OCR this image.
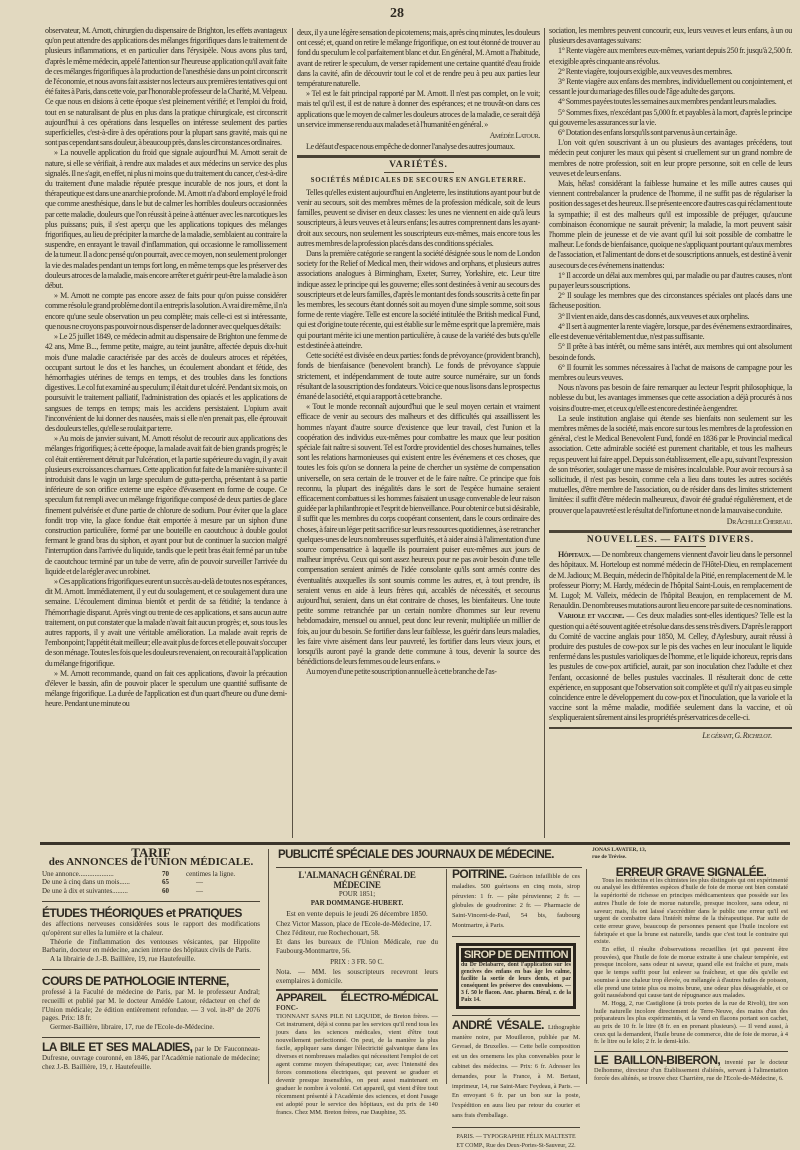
28

observateur, M. Arnott, chirurgien du dispensaire de Brighton, les effets avantageux qu'on peut attendre des applications des mélanges frigorifiques dans le traitement de plusieurs inflammations, et en particulier dans l'érysipèle. Nous avons plus tard, d'après le même médecin, appelé l'attention sur l'heureuse application qu'il avait faite de ces mélanges frigorifiques à la production de l'anesthésie dans un point circonscrit de l'économie, et nous avons fait assister nos lecteurs aux premières tentatives qui ont été faites à Paris, dans cette voie, par l'honorable professeur de la Charité, M. Velpeau. Ce que nous en disions à cette époque s'est pleinement vérifié; et l'emploi du froid, tout en se naturalisant de plus en plus dans la pratique chirurgicale, est circonscrit aujourd'hui à ces opérations dans lesquelles on intéresse seulement des parties superficielles, c'est-à-dire à des opérations pour la plupart sans gravité, mais qui ne sont pas cependant sans douleur, à beaucoup près, dans les circonstances ordinaires.

» La nouvelle application du froid que signale aujourd'hui M. Arnott serait de nature, si elle se vérifiait, à rendre aux malades et aux médecins un service des plus signalés. Il ne s'agit, en effet, ni plus ni moins que du traitement du cancer, c'est-à-dire du traitement d'une maladie réputée presque incurable de nos jours, et dont la thérapeutique est dans une anarchie profonde. M. Arnott n'a d'abord employé le froid que comme anesthésique, dans le but de calmer les horribles douleurs occasionnées par cette maladie, douleurs que l'on réussit à peine à atténuer avec les narcotiques les plus puissans; puis, il s'est aperçu que les applications topiques des mélanges frigorifiques, au lieu de précipiter la marche de la maladie, semblaient au contraire la suspendre, en enrayant le travail d'inflammation, qui occasionne le ramollissement de la tumeur. Il a donc pensé qu'on pourrait, avec ce moyen, non seulement prolonger la vie des malades pendant un temps fort long, en même temps que les préserver des douleurs atroces de la maladie, mais encore arrêter et guérir peut-être la maladie à son début.

» M. Arnott ne compte pas encore assez de faits pour qu'on puisse considérer comme résolu le grand problème dont il a entrepris la solution. A vrai dire même, il n'a encore qu'une seule observation un peu complète; mais celle-ci est si intéressante, que nous ne croyons pas pouvoir nous dispenser de la donner avec quelques détails:

» Le 25 juillet 1849, ce médecin admit au dispensaire de Brighton une femme de 42 ans, Mme B..., femme petite, maigre, au teint jaunâtre, affectée depuis dix-huit mois d'une maladie caractérisée par des accès de douleurs atroces et répétées, occupant surtout le dos et les hanches, un écoulement abondant et fétide, des hémorrhagies utérines de temps en temps, et des troubles dans les fonctions digestives. Le col fut examiné au speculum; il était dur et ulcéré. Pendant six mois, on poursuivit le traitement palliatif, l'administration des opiacés et les applications de sangsues de temps en temps; mais les accidens persistaient. L'opium avait l'inconvénient de lui donner des nausées, mais si elle n'en prenait pas, elle éprouvait des douleurs telles, qu'elle se roulait par terre.

» Au mois de janvier suivant, M. Arnott résolut de recourir aux applications des mélanges frigorifiques; à cette époque, la malade avait fait de bien grands progrès; le col était entièrement détruit par l'ulcération, et la partie supérieure du vagin, il y avait plusieurs excroissances charnues. Cette application fut faite de la manière suivante: il introduisit dans le vagin un large speculum de gutta-percha, présentant à sa partie inférieure de son orifice externe une espèce d'évasement en forme de coupe. Ce speculum fut rempli avec un mélange frigorifique composé de deux parties de glace finement pulvérisée et d'une partie de chlorure de sodium. Pour éviter que la glace fondit trop vite, la glace fondue était emportée à mesure par un siphon d'une construction particulière, formé par une bouteille en caoutchouc à double goulot fermant le grand bras du siphon, et ayant pour but de continuer la succion malgré l'interruption dans l'arrivée du liquide, tandis que le petit bras était fermé par un tube de caoutchouc terminé par un tube de verre, afin de pouvoir surveiller l'arrivée du liquide et de la régler avec un robinet.

» Ces applications frigorifiques eurent un succès au-delà de toutes nos espérances, dit M. Arnott. Immédiatement, il y eut du soulagement, et ce soulagement dura une semaine. L'écoulement diminua bientôt et perdit de sa fétidité; la tendance à l'hémorrhagie disparut. Après vingt ou trente de ces applications, et sans aucun autre traitement, on put constater que la malade n'avait fait aucun progrès; et, sous tous les autres rapports, il y avait une véritable amélioration. La malade avait repris de l'embonpoint; l'appétit était meilleur; elle avait plus de forces et elle pouvait s'occuper de son ménage. Toutes les fois que les douleurs revenaient, on recourait à l'application du mélange frigorifique.

» M. Arnott recommande, quand on fait ces applications, d'avoir la précaution d'élever le bassin, afin de pouvoir placer le speculum une quantité suffisante de mélange frigorifique. La durée de l'application est d'un quart d'heure ou d'une demi-heure. Pendant une minute ou

deux, il y a une légère sensation de picotemens; mais, après cinq minutes, les douleurs ont cessé; et, quand on retire le mélange frigorifique, on est tout étonné de trouver au fond du speculum le col parfaitement blanc et dur. En général, M. Arnott a l'habitude, avant de retirer le speculum, de verser rapidement une certaine quantité d'eau froide dans la cavité, afin de découvrir tout le col et de rendre peu à peu aux parties leur température naturelle.

» Tel est le fait principal rapporté par M. Arnott. Il n'est pas complet, on le voit; mais tel qu'il est, il est de nature à donner des espérances; et ne trouvât-on dans ces applications que le moyen de calmer les douleurs atroces de la maladie, ce serait déjà un service immense rendu aux malades et à l'humanité en général. »

Amédée Latour.

Le défaut d'espace nous empêche de donner l'analyse des autres journaux.

VARIÉTÉS.
SOCIÉTÉS MÉDICALES DE SECOURS EN ANGLETERRE.

Telles qu'elles existent aujourd'hui en Angleterre, les institutions ayant pour but de venir au secours, soit des membres mêmes de la profession médicale, soit de leurs familles, peuvent se diviser en deux classes: les unes ne viennent en aide qu'à leurs souscripteurs, à leurs veuves et à leurs enfans; les autres comprennent dans les ayant-droit aux secours, non seulement les souscripteurs eux-mêmes, mais encore tous les autres membres de la profession placés dans des conditions spéciales.

Dans la première catégorie se rangent la société désignée sous le nom de London society for the Relief of Medical men, their widows and orphans, et plusieurs autres associations analogues à Birmingham, Exeter, Surrey, Yorkshire, etc. Leur titre indique assez le principe qui les gouverne; elles sont destinées à venir au secours des souscripteurs et de leurs familles, d'après le montant des fonds souscrits à cette fin par les membres, les secours étant donnés soit au moyen d'une simple somme, soit sous forme de rente viagère. Telle est encore la société intitulée the British medical Fund, qui est d'origine toute récente, qui est établie sur le même esprit que la première, mais qui pourtant mérite ici une mention particulière, à cause de la variété des buts qu'elle est destinée à atteindre.

Cette société est divisée en deux parties: fonds de prévoyance (provident branch), fonds de bienfaisance (benevolent branch). Le fonds de prévoyance s'appuie strictement, et indépendamment de toute autre source numéraire, sur un fonds résultant de la souscription des fondateurs. Voici ce que nous lisons dans le prospectus émané de la société, et qui a rapport à cette branche.

« Tout le monde reconnaît aujourd'hui que le seul moyen certain et vraiment efficace de venir au secours des malheurs et des difficultés qui assaillissent les hommes n'ayant d'autre source d'existence que leur travail, c'est l'union et la coopération des individus eux-mêmes pour combattre les maux que leur position spéciale fait naître si souvent. Tel est l'ordre providentiel des choses humaines, telles sont les relations harmonieuses qui existent entre les événemens et ces choses, que toutes les fois qu'on se donnera la peine de chercher un système de compensation universelle, on sera certain de le trouver et de le faire naître. Ce principe que fois reconnu, la plupart des inégalités dans le sort de l'espèce humaine seraient efficacement combattues si les hommes faisaient un usage convenable de leur raison guidée par la philanthropie et l'esprit de bienveillance. Pour obtenir ce but si désirable, il suffit que les membres du corps coopérant consentent, dans le cours ordinaire des choses, à faire un léger petit sacrifice sur leurs ressources quotidiennes, à se retrancher quelques-unes de leurs nombreuses superfluités, et à aider ainsi à l'alimentation d'une source compensatrice à laquelle ils pourraient puiser eux-mêmes aux jours de malheur imprévu. Ceux qui sont assez heureux pour ne pas avoir besoin d'une telle compensation seraient animés de l'idée consolante qu'ils sont armés contre des éventualités auxquelles ils sont soumis comme les autres, et, à tout prendre, ils seraient venus en aide à leurs frères qui, accablés de nécessités, et secourus aujourd'hui, seraient, dans un état contraire de choses, les bienfaiteurs. Une toute petite somme retranchée par un certain nombre d'hommes sur leur revenu hebdomadaire, mensuel ou annuel, peut donc leur revenir, multipliée un millier de fois, au jour du besoin. Se fortifier dans leur faiblesse, les guérir dans leurs maladies, les faire vivre aisément dans leur pauvreté, les fortifier dans leurs vieux jours, et lorsqu'ils auront payé la grande dette commune à tous, devenir la source des bénédictions de leurs femmes ou de leurs enfans. »

Au moyen d'une petite souscription annuelle à cette branche de l'as-

sociation, les membres peuvent concourir, eux, leurs veuves et leurs enfans, à un ou plusieurs des avantages suivans:

1° Rente viagère aux membres eux-mêmes, variant depuis 250 fr. jusqu'à 2,500 fr. et exigible après cinquante ans révolus.

2° Rente viagère, toujours exigible, aux veuves des membres.

3° Rente viagère aux enfans des membres, individuellement ou conjointement, et cessant le jour du mariage des filles ou de l'âge adulte des garçons.

4° Sommes payées toutes les semaines aux membres pendant leurs maladies.

5° Sommes fixes, n'excédant pas 5,000 fr. et payables à la mort, d'après le principe qui gouverne les assurances sur la vie.

6° Dotation des enfans lorsqu'ils sont parvenus à un certain âge.

L'on voit qu'en souscrivant à un ou plusieurs des avantages précédens, tout médecin peut conjurer les maux qui pèsent si cruellement sur un grand nombre de membres de notre profession, soit en leur propre personne, soit en celle de leurs veuves et de leurs enfans.

Mais, hélas! considérant la faiblesse humaine et les mille autres causes qui viennent contrebalancer la prudence de l'homme, il ne suffit pas de régulariser la position des sages et des heureux. Il se présente encore d'autres cas qui réclament toute la sympathie; il est des malheurs qu'il est impossible de préjuger, qu'aucune combinaison économique ne saurait prévenir; la maladie, la mort peuvent saisir l'homme plein de jeunesse et de vie avant qu'il lui soit possible de combattre le malheur. Le fonds de bienfaisance, quoique ne s'appliquant pourtant qu'aux membres de l'association, et l'alimentant de dons et de souscriptions annuels, est destiné à venir au secours de ces événemens inattendus:

1° Il accorde un délai aux membres qui, par maladie ou par d'autres causes, n'ont pu payer leurs souscriptions.

2° Il soulage les membres que des circonstances spéciales ont placés dans une fâcheuse position.

3° Il vient en aide, dans des cas donnés, aux veuves et aux orphelins.

4° Il sert à augmenter la rente viagère, lorsque, par des événemens extraordinaires, elle est devenue véritablement due, n'est pas suffisante.

5° Il prête à bas intérêt, ou même sans intérêt, aux membres qui ont absolument besoin de fonds.

6° Il fournit les sommes nécessaires à l'achat de maisons de campagne pour les membres ou leurs veuves.

Nous n'avons pas besoin de faire remarquer au lecteur l'esprit philosophique, la noblesse du but, les avantages immenses que cette association a déjà procurés à nos voisins d'outre-mer, et ceux qu'elle est encore destinée à engendrer.

La seule institution anglaise qui étende ses bienfaits non seulement sur les membres mêmes de la société, mais encore sur tous les membres de la profession en général, c'est le Medical Benevolent Fund, fondé en 1836 par le Provincial medical association. Cette admirable société est purement charitable, et tous les malheurs reçus peuvent lui faire appel. Depuis son établissement, elle a pu, suivant l'expression de son trésorier, soulager une masse de misères incalculable. Pour avoir recours à sa sollicitude, il n'est pas besoin, comme cela a lieu dans toutes les autres sociétés mutuelles, d'être membre de l'association, ou de résider dans des limites strictement limitées: il suffit d'être médecin malheureux, d'avoir été gradué régulièrement, et de prouver que la pauvreté est le résultat de l'infortune et non de la mauvaise conduite.

Dr Achille Chereau.
NOUVELLES. — FAITS DIVERS.

Hôpitaux. — De nombreux changemens viennent d'avoir lieu dans le personnel des hôpitaux. M. Horteloup est nommé médecin de l'Hôtel-Dieu, en remplacement de M. Jadioux; M. Bequin, médecin de l'hôpital de la Pitié, en remplacement de M. le professeur Piorry; M. Hardy, médecin de l'hôpital Saint-Louis, en remplacement de M. Lugol; M. Valleix, médecin de l'hôpital Beaujon, en remplacement de M. Renauldin. De nombreuses mutations auront lieu encore par suite de ces nominations.

Variole et vaccine. — Ces deux maladies sont-elles identiques? Telle est la question qui a été souvent agitée et résolue dans des sens très divers. D'après le rapport du Comité de vaccine anglais pour 1850, M. Celley, d'Aylesbury, aurait réussi à produire des pustules de cow-pox sur le pis des vaches en leur inoculant le liquide renfermé dans les pustules varioliques de l'homme, et le liquide ichoreux, repris dans les pustules de cow-pox artificiel, aurait, par son inoculation chez l'adulte et chez l'enfant, occasionné de belles pustules vaccinales. Il résulterait donc de cette expérience, en supposant que l'observation soit complète et qu'il n'y ait pas eu simple coïncidence entre le développement du cow-pox et l'inoculation, que la variole et la vaccine sont la même maladie, modifiée seulement dans la vaccine, et où s'expliqueraient sûrement ainsi les propriétés préservatrices de celle-ci.

Le gérant, G. Richelot.
TARIF
des ANNONCES de l'UNION MÉDICALE.
Une annonce....................	70	centimes la ligne.
De une à cinq dans un mois......	65	—
De une à dix et suivantes.........	60	—
ÉTUDES THÉORIQUES et PRATIQUES

des affections nerveuses considérées sous le rapport des modifications qu'opèrent sur elles la lumière et la chaleur.

Théorie de l'inflammation des ventouses vésicantes, par Hippolite Barbarin, docteur en médecine, ancien interne des hôpitaux civils de Paris.

A la librairie de J.-B. Baillière, 19, rue Hautefeuille.

COURS DE PATHOLOGIE INTERNE,

professé à la Faculté de médecine de Paris, par M. le professeur Andral; recueilli et publié par M. le docteur Amédée Latour, rédacteur en chef de l'Union médicale; 2e édition entièrement refondue. — 3 vol. in-8° de 2076 pages. Prix: 18 fr.

Germer-Baillière, libraire, 17, rue de l'Ecole-de-Médecine.

LA BILE ET SES MALADIES, par le Dr Fauconneau-Dufresne, ouvrage couronné, en 1846, par l'Académie nationale de médecine; chez J.-B. Baillière, 19, r. Hautefeuille.

PUBLICITÉ SPÉCIALE DES JOURNAUX DE MÉDECINE.	JONAS LAVATER, 13, rue de Trévise.
L'ALMANACH GÉNÉRAL DE MÉDECINE
POUR 1851;
PAR DOMMANGE-HUBERT.
Est en vente depuis le jeudi 26 décembre 1850.

Chez Victor Masson, place de l'Ecole-de-Médecine, 17.

Chez l'éditeur, rue Rochechouart, 58.

Et dans les bureaux de l'Union Médicale, rue du Faubourg-Montmartre, 56.

PRIX : 3 FR. 50 C.

Nota. — MM. les souscripteurs recevront leurs exemplaires à domicile.

APPAREIL ÉLECTRO-MÉDICAL FONC-

TIONNANT SANS PILE NI LIQUIDE, de Breton frères. — Cet instrument, déjà si connu par les services qu'il rend tous les jours dans les sciences médicales, vient d'être tout nouvellement perfectionné. On peut, de la manière la plus facile, appliquer sans danger l'électricité galvanique dans les diverses et nombreuses maladies qui nécessitent l'emploi de cet agent comme moyen thérapeutique; car, avec l'intensité des forces commotions électriques, qui peuvent se graduer et devenir presque insensibles, on peut aussi maintenant en graduer le nombre à volonté. Cet appareil, qui vient d'être tout récemment présenté à l'Académie des sciences, et dont l'usage est adopté pour le service des hôpitaux, est du prix de 140 francs. Chez MM. Breton frères, rue Dauphine, 35.

POITRINE. Guérison infaillible de ces maladies. 500 guérisons en cinq mois, sirop péruvien: 1 fr. — pâte péruvienne; 2 fr. — globules de goudronine: 2 fr. — Pharmacie de Saint-Vincent-de-Paul, 54 bis, faubourg Montmartre, à Paris.

SIROP DE DENTITION

du Dr Delabarre, dont l'application sur les gencives des enfans en bas âge les calme, facilite la sortie de leurs dents, et par conséquent les préserve des convulsions. — 3 f. 50 le flacon. Anc. pharm. Béral, r. de la Paix 14.

ANDRÉ VÉSALE. Lithographie manière noire, par Mouilleron, publiée par M. Gevrael, de Bruxelles. — Cette belle composition est un des ornemens les plus convenables pour le cabinet des médecins. — Prix: 6 fr. Adresser les demandes, pour la France, à M. Bertaut, imprimeur, 14, rue Saint-Marc Feydeau, à Paris. — En envoyant 6 fr. par un bon sur la poste, l'expédition en aura lieu par retour du courier et sans frais d'emballage.

PARIS. — TYPOGRAPHIE FÉLIX MALTESTE ET COMP., Rue des Deux-Portes-St-Sauveur, 22.

ERREUR GRAVE SIGNALÉE.

Tous les médecins et les chimistes les plus distingués qui ont expérimenté ou analysé les différentes espèces d'huile de foie de morue ont bien constaté la supériorité de richesse en principes médicamenteux que possède sur les autres l'huile de foie de morue naturelle, presque incolore, sans odeur, ni saveur; mais, ils ont laissé s'accréditer dans le public une erreur qu'il est urgent de combattre dans l'intérêt même de la thérapeutique. Par suite de cette erreur grave, beaucoup de personnes pensent que l'huile incolore est fabriquée et que la brune est naturelle, tandis que c'est tout le contraire qui existe.

En effet, il résulte d'observations recueillies (et qui peuvent être prouvées), que l'huile de foie de morue extraite à une chaleur tempérée, est presque incolore, sans odeur ni saveur, quand elle est fraîche et pure, mais que le temps suffit pour lui enlever sa fraîcheur, et que dès qu'elle est soumise à une chaleur trop élevée, ou mélangée à d'autres huiles de poisson, elle prend une teinte plus ou moins brune, une odeur plus désagréable, et ce goût nauséabond qui cause tant de répugnance aux malades.

M. Hogg, 2, rue Castiglione (à trois portes de la rue de Rivoli), tire son huile naturelle incolore directement de Terre-Neuve, des mains d'un des préparateurs les plus expérimentés, et la vend en flacons portant son cachet, au prix de 10 fr. le litre (8 fr. en en prenant plusieurs). — Il vend aussi, à ceux qui la demandent, l'huile brune de commerce, dite de foie de morue, à 4 fr. le litre ou le kilo; 2 fr. le demi-kilo.

LE BAILLON-BIBERON, inventé par le docteur Delhomme, directeur d'un Établissement d'aliénés, servant à l'alimentation forcée des aliénés, se trouve chez Charrière, rue de l'Ecole-de-Médecine, 6.
